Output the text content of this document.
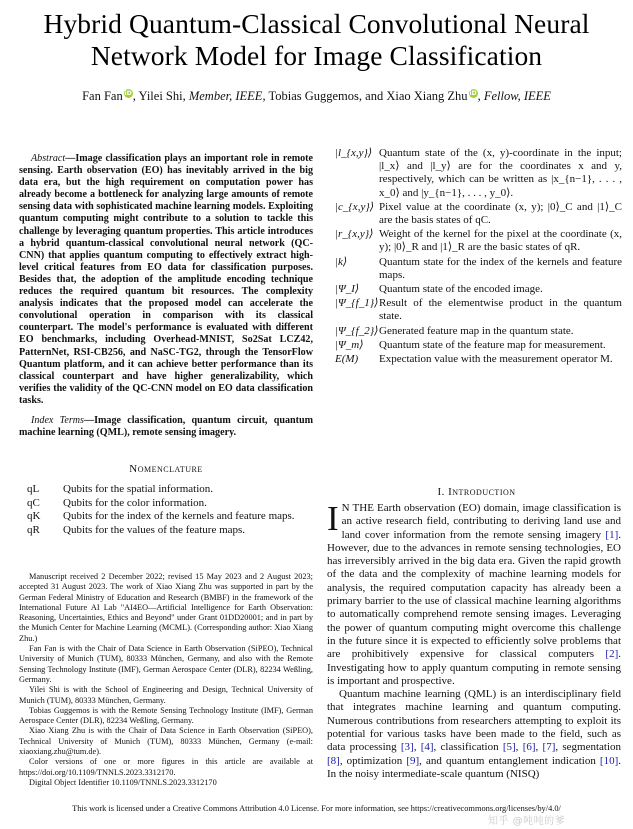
Hybrid Quantum-Classical Convolutional Neural Network Model for Image Classification
Fan Fan iD, Yilei Shi, Member, IEEE, Tobias Guggemos, and Xiao Xiang Zhu iD, Fellow, IEEE

Abstract—Image classification plays an important role in remote sensing. Earth observation (EO) has inevitably arrived in the big data era, but the high requirement on computation power has already become a bottleneck for analyzing large amounts of remote sensing data with sophisticated machine learning models. Exploiting quantum computing might contribute to a solution to tackle this challenge by leveraging quantum properties. This article introduces a hybrid quantum-classical convolutional neural network (QC-CNN) that applies quantum computing to effectively extract high-level critical features from EO data for classification purposes. Besides that, the adoption of the amplitude encoding technique reduces the required quantum bit resources. The complexity analysis indicates that the proposed model can accelerate the convolutional operation in comparison with its classical counterpart. The model's performance is evaluated with different EO benchmarks, including Overhead-MNIST, So2Sat LCZ42, PatternNet, RSI-CB256, and NaSC-TG2, through the TensorFlow Quantum platform, and it can achieve better performance than its classical counterpart and have higher generalizability, which verifies the validity of the QC-CNN model on EO data classification tasks.

Index Terms—Image classification, quantum circuit, quantum machine learning (QML), remote sensing imagery.

Nomenclature
qL	Qubits for the spatial information.
qC	Qubits for the color information.
qK	Qubits for the index of the kernels and feature maps.
qR	Qubits for the values of the feature maps.

Manuscript received 2 December 2022; revised 15 May 2023 and 2 August 2023; accepted 31 August 2023. The work of Xiao Xiang Zhu was supported in part by the German Federal Ministry of Education and Research (BMBF) in the framework of the International Future AI Lab "AI4EO—Artificial Intelligence for Earth Observation: Reasoning, Uncertainties, Ethics and Beyond" under Grant 01DD20001; and in part by the Munich Center for Machine Learning (MCML). (Corresponding author: Xiao Xiang Zhu.)

Fan Fan is with the Chair of Data Science in Earth Observation (SiPEO), Technical University of Munich (TUM), 80333 München, Germany, and also with the Remote Sensing Technology Institute (IMF), German Aerospace Center (DLR), 82234 Weßling, Germany.

Yilei Shi is with the School of Engineering and Design, Technical University of Munich (TUM), 80333 München, Germany.

Tobias Guggemos is with the Remote Sensing Technology Institute (IMF), German Aerospace Center (DLR), 82234 Weßling, Germany.

Xiao Xiang Zhu is with the Chair of Data Science in Earth Observation (SiPEO), Technical University of Munich (TUM), 80333 München, Germany (e-mail: xiaoxiang.zhu@tum.de).

Color versions of one or more figures in this article are available at https://doi.org/10.1109/TNNLS.2023.3312170.

Digital Object Identifier 10.1109/TNNLS.2023.3312170

|l_{x,y}⟩	Quantum state of the (x, y)-coordinate in the input; |l_x⟩ and |l_y⟩ are for the coordinates x and y, respectively, which can be written as |x_{n−1}, . . . , x_0⟩ and |y_{n−1}, . . . , y_0⟩.
|c_{x,y}⟩	Pixel value at the coordinate (x, y); |0⟩_C and |1⟩_C are the basis states of qC.
|r_{x,y}⟩	Weight of the kernel for the pixel at the coordinate (x, y); |0⟩_R and |1⟩_R are the basic states of qR.
|k⟩	Quantum state for the index of the kernels and feature maps.
|Ψ_I⟩	Quantum state of the encoded image.
|Ψ_{f_1}⟩	Result of the elementwise product in the quantum state.
|Ψ_{f_2}⟩	Generated feature map in the quantum state.
|Ψ_m⟩	Quantum state of the feature map for measurement.
E(M)	Expectation value with the measurement operator M.
I. Introduction

I N THE Earth observation (EO) domain, image classification is an active research field, contributing to deriving land use and land cover information from the remote sensing imagery [1]. However, due to the advances in remote sensing technologies, EO has irreversibly arrived in the big data era. Given the rapid growth of the data and the complexity of machine learning models for analysis, the required computation capacity has already been a primary barrier to the use of classical machine learning algorithms to automatically comprehend remote sensing images. Leveraging the power of quantum computing might overcome this challenge in the future since it is expected to efficiently solve problems that are prohibitively expensive for classical computers [2]. Investigating how to apply quantum computing in remote sensing is important and prospective.

Quantum machine learning (QML) is an interdisciplinary field that integrates machine learning and quantum computing. Numerous contributions from researchers attempting to exploit its potential for various tasks have been made to the field, such as data processing [3], [4], classification [5], [6], [7], segmentation [8], optimization [9], and quantum entanglement indication [10]. In the noisy intermediate-scale quantum (NISQ)

This work is licensed under a Creative Commons Attribution 4.0 License. For more information, see https://creativecommons.org/licenses/by/4.0/
知乎 @吨吨的爹
